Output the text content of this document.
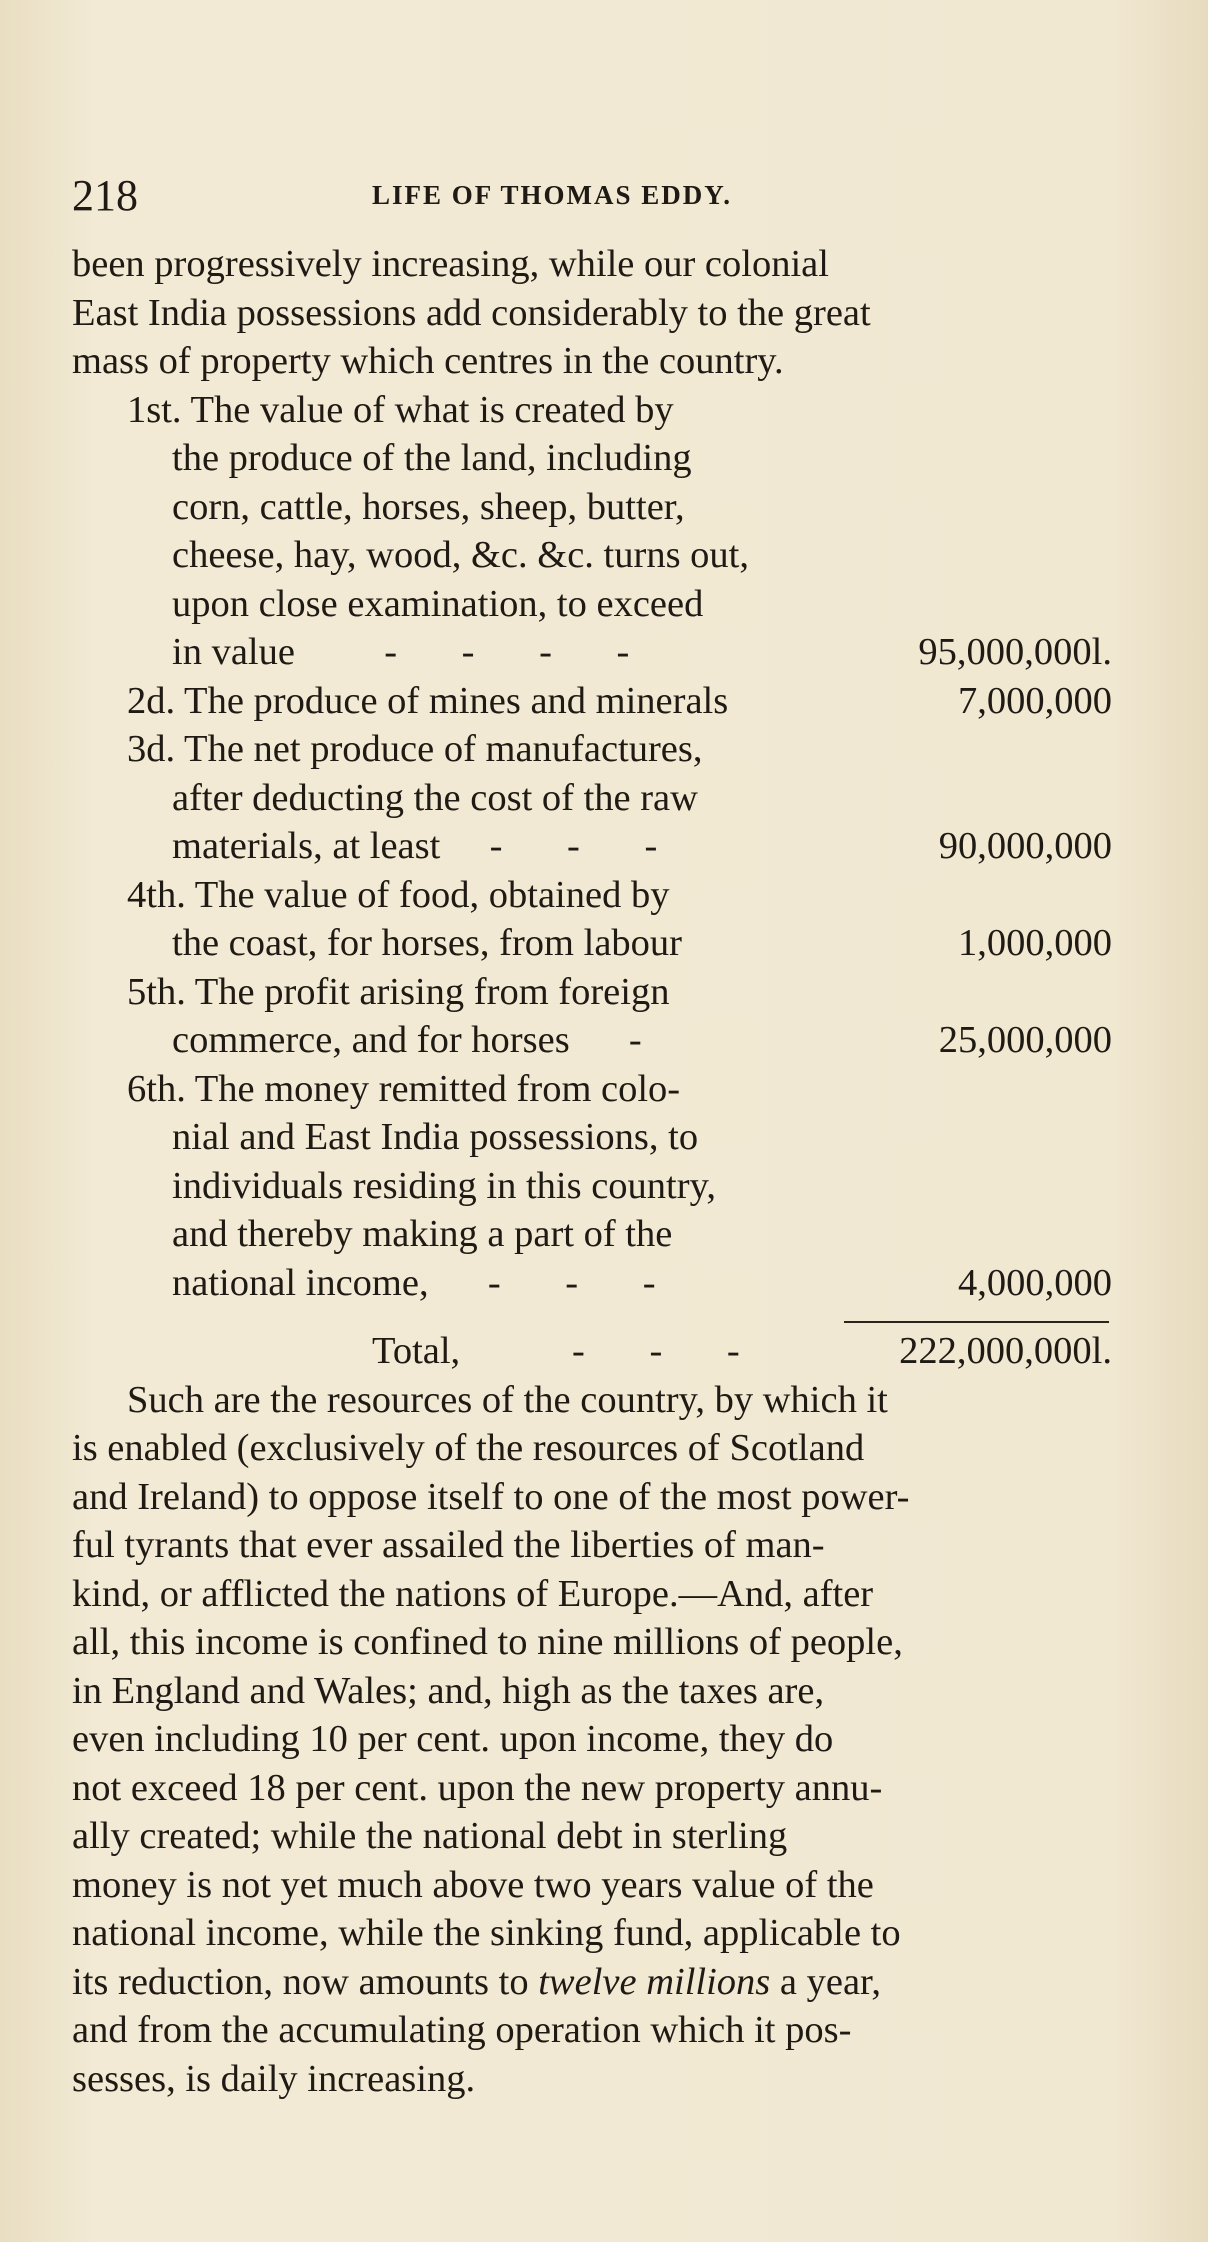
218	LIFE OF THOMAS EDDY.
been progressively increasing, while our colonial
East India possessions add considerably to the great
mass of property which centres in the country.
1st. The value of what is created by
the produce of the land, including
corn, cattle, horses, sheep, butter,
cheese, hay, wood, &c. &c. turns out,
upon close examination, to exceed
in value - - - -	95,000,000l.
2d. The produce of mines and minerals	7,000,000
3d. The net produce of manufactures,
after deducting the cost of the raw
materials, at least - - -	90,000,000
4th. The value of food, obtained by
the coast, for horses, from labour	1,000,000
5th. The profit arising from foreign
commerce, and for horses -	25,000,000
6th. The money remitted from colo-
nial and East India possessions, to
individuals residing in this country,
and thereby making a part of the
national income, - - -	4,000,000
Total,	- - -	222,000,000l.
Such are the resources of the country, by which it
is enabled (exclusively of the resources of Scotland
and Ireland) to oppose itself to one of the most power-
ful tyrants that ever assailed the liberties of man-
kind, or afflicted the nations of Europe.—And, after
all, this income is confined to nine millions of people,
in England and Wales; and, high as the taxes are,
even including 10 per cent. upon income, they do
not exceed 18 per cent. upon the new property annu-
ally created; while the national debt in sterling
money is not yet much above two years value of the
national income, while the sinking fund, applicable to
its reduction, now amounts to twelve millions a year,
and from the accumulating operation which it pos-
sesses, is daily increasing.
